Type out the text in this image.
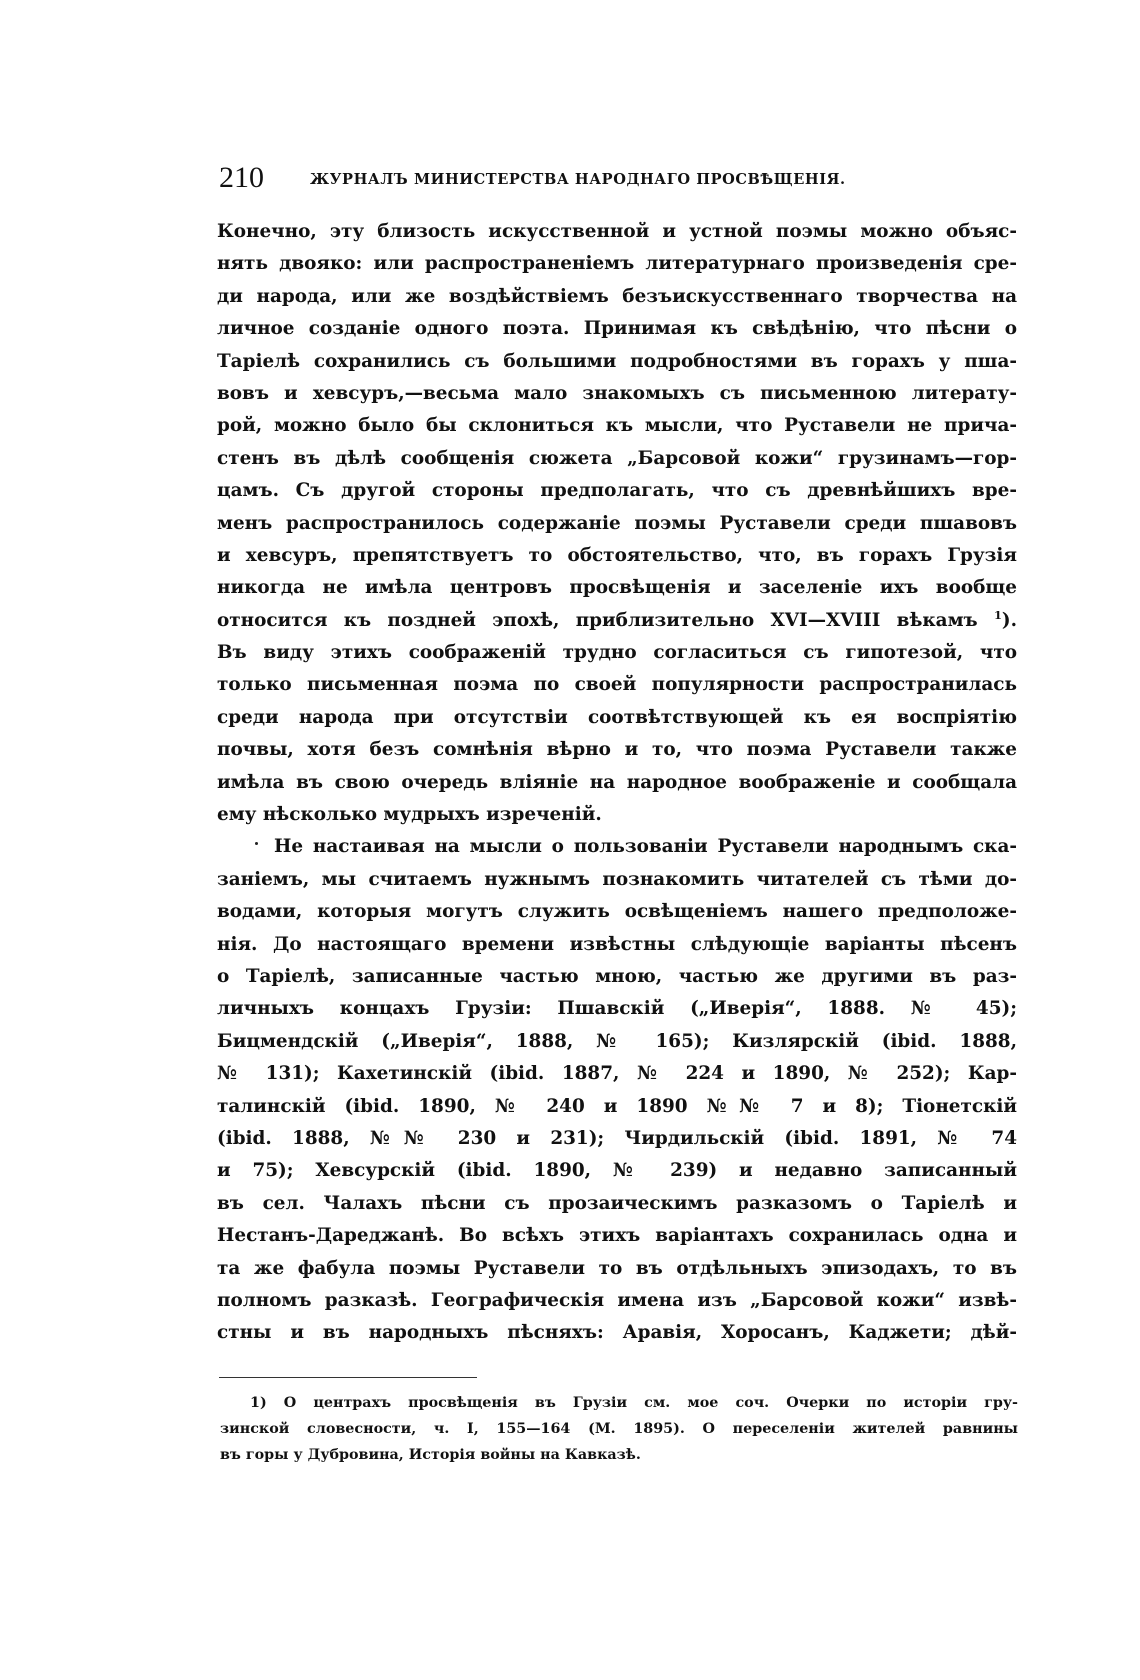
210	ЖУРНАЛЪ МИНИСТЕРСТВА НАРОДНАГО ПРОСВѢЩЕНІЯ.
Конечно, эту близость искусственной и устной поэмы можно объяс-
нять двояко: или распространеніемъ литературнаго произведенія сре-
ди народа, или же воздѣйствіемъ безъискусственнаго творчества на
личное созданіе одного поэта. Принимая къ свѣдѣнію, что пѣсни о
Таріелѣ сохранились съ большими подробностями въ горахъ у пша-
вовъ и хевсуръ,—весьма мало знакомыхъ съ письменною литерату-
рой, можно было бы склониться къ мысли, что Руставели не прича-
стенъ въ дѣлѣ сообщенія сюжета „Барсовой кожи“ грузинамъ—гор-
цамъ. Съ другой стороны предполагать, что съ древнѣйшихъ вре-
менъ распространилось содержаніе поэмы Руставели среди пшавовъ
и хевсуръ, препятствуетъ то обстоятельство, что, въ горахъ Грузія
никогда не имѣла центровъ просвѣщенія и заселеніе ихъ вообще
относится къ поздней эпохѣ, приблизительно XVI—XVIII вѣкамъ $^1$).
Въ виду этихъ соображеній трудно согласиться съ гипотезой, что
только письменная поэма по своей популярности распространилась
среди народа при отсутствіи соотвѣтствующей къ ея воспріятію
почвы, хотя безъ сомнѣнія вѣрно и то, что поэма Руставели также
имѣла въ свою очередь вліяніе на народное воображеніе и сообщала
ему нѣсколько мудрыхъ изреченій.
Не настаивая на мысли о пользованіи Руставели народнымъ ска-
заніемъ, мы считаемъ нужнымъ познакомить читателей съ тѣми до-
водами, которыя могутъ служить освѣщеніемъ нашего предположе-
нія. До настоящаго времени извѣстны слѣдующіе варіанты пѣсенъ
о Таріелѣ, записанные частью мною, частью же другими въ раз-
личныхъ концахъ Грузіи: Пшавскій („Иверія“, 1888. № 45);
Бицмендскій („Иверія“, 1888, № 165); Кизлярскій (ibid. 1888,
№ 131); Кахетинскій (ibid. 1887, № 224 и 1890, № 252); Кар-
талинскій (ibid. 1890, № 240 и 1890 №№ 7 и 8); Тіонетскій
(ibid. 1888, №№ 230 и 231); Чирдильскій (ibid. 1891, № 74
и 75); Хевсурскій (ibid. 1890, № 239) и недавно записанный
въ сел. Чалахъ пѣсни съ прозаическимъ разказомъ о Таріелѣ и
Нестанъ-Дареджанѣ. Во всѣхъ этихъ варіантахъ сохранилась одна и
та же фабула поэмы Руставели то въ отдѣльныхъ эпизодахъ, то въ
полномъ разказѣ. Географическія имена изъ „Барсовой кожи“ извѣ-
стны и въ народныхъ пѣсняхъ: Аравія, Хоросанъ, Каджети; дѣй-
1) О центрахъ просвѣщенія въ Грузіи см. мое соч. Очерки по исторіи гру-
зинской словесности, ч. I, 155—164 (М. 1895). О переселеніи жителей равнины
въ горы у Дубровина, Исторія войны на Кавказѣ.
